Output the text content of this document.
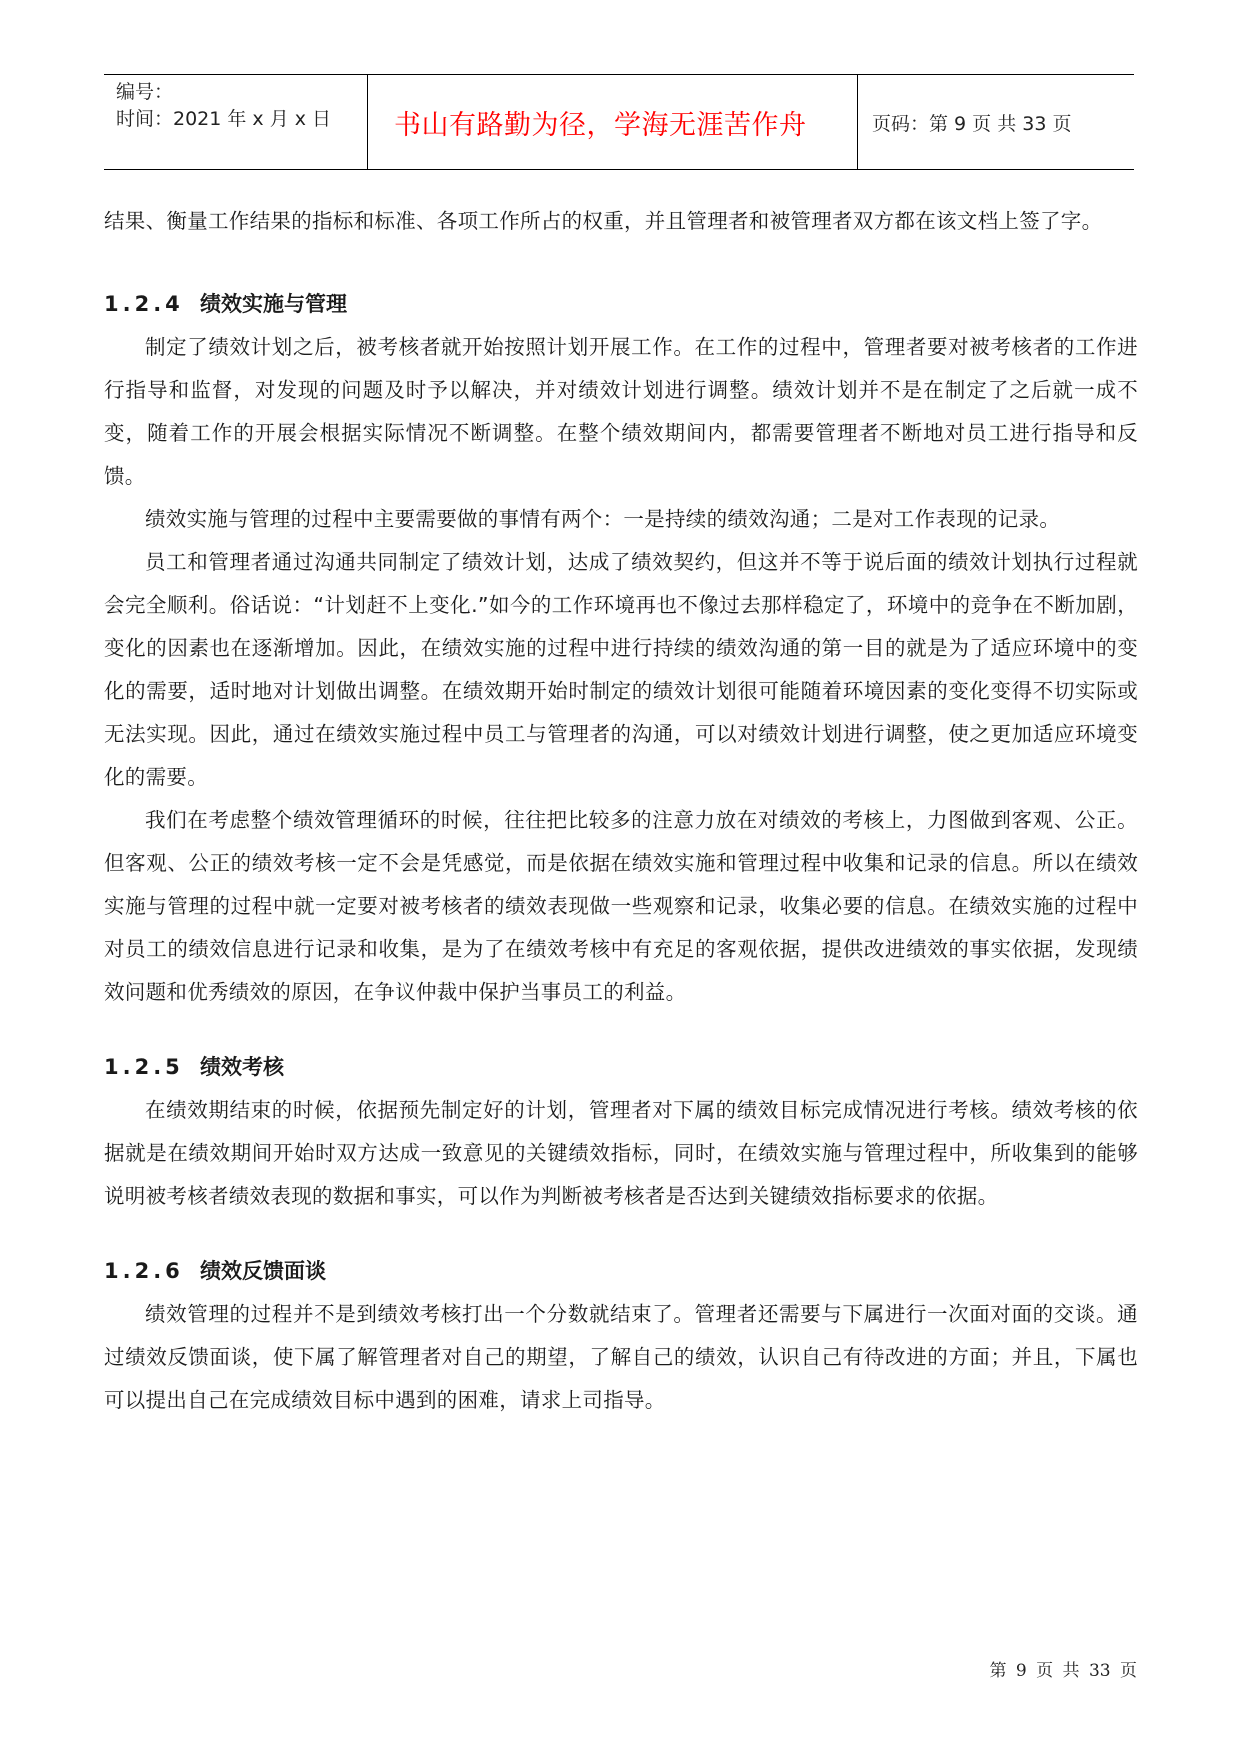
编号：
时间：2021 年 x 月 x 日	书山有路勤为径，学海无涯苦作舟	页码：第 9 页 共 33 页

结果、衡量工作结果的指标和标准、各项工作所占的权重，并且管理者和被管理者双方都在该文档上签了字。

1.2.4 绩效实施与管理

制定了绩效计划之后，被考核者就开始按照计划开展工作。在工作的过程中，管理者要对被考核者的工作进行指导和监督，对发现的问题及时予以解决，并对绩效计划进行调整。绩效计划并不是在制定了之后就一成不变，随着工作的开展会根据实际情况不断调整。在整个绩效期间内，都需要管理者不断地对员工进行指导和反馈。

绩效实施与管理的过程中主要需要做的事情有两个：一是持续的绩效沟通；二是对工作表现的记录。

员工和管理者通过沟通共同制定了绩效计划，达成了绩效契约，但这并不等于说后面的绩效计划执行过程就会完全顺利。俗话说：“计划赶不上变化.”如今的工作环境再也不像过去那样稳定了，环境中的竞争在不断加剧，变化的因素也在逐渐增加。因此，在绩效实施的过程中进行持续的绩效沟通的第一目的就是为了适应环境中的变化的需要，适时地对计划做出调整。在绩效期开始时制定的绩效计划很可能随着环境因素的变化变得不切实际或无法实现。因此，通过在绩效实施过程中员工与管理者的沟通，可以对绩效计划进行调整，使之更加适应环境变化的需要。

我们在考虑整个绩效管理循环的时候，往往把比较多的注意力放在对绩效的考核上，力图做到客观、公正。但客观、公正的绩效考核一定不会是凭感觉，而是依据在绩效实施和管理过程中收集和记录的信息。所以在绩效实施与管理的过程中就一定要对被考核者的绩效表现做一些观察和记录，收集必要的信息。在绩效实施的过程中对员工的绩效信息进行记录和收集，是为了在绩效考核中有充足的客观依据，提供改进绩效的事实依据，发现绩效问题和优秀绩效的原因，在争议仲裁中保护当事员工的利益。

1.2.5 绩效考核

在绩效期结束的时候，依据预先制定好的计划，管理者对下属的绩效目标完成情况进行考核。绩效考核的依据就是在绩效期间开始时双方达成一致意见的关键绩效指标，同时，在绩效实施与管理过程中，所收集到的能够说明被考核者绩效表现的数据和事实，可以作为判断被考核者是否达到关键绩效指标要求的依据。

1.2.6 绩效反馈面谈

绩效管理的过程并不是到绩效考核打出一个分数就结束了。管理者还需要与下属进行一次面对面的交谈。通过绩效反馈面谈，使下属了解管理者对自己的期望，了解自己的绩效，认识自己有待改进的方面；并且，下属也可以提出自己在完成绩效目标中遇到的困难，请求上司指导。

第 9 页 共 33 页
